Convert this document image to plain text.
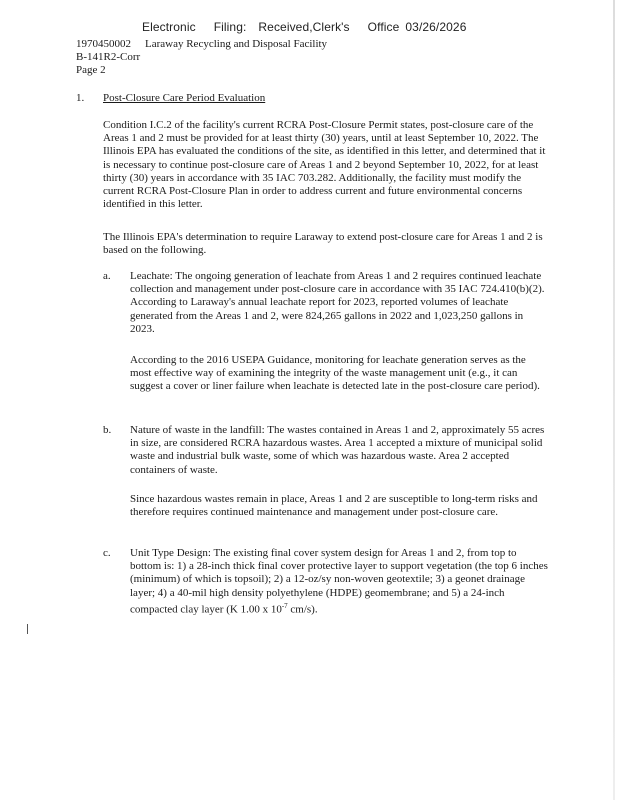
Electronic Filing: Received,Clerk's Office 03/26/2026
1970450002 Laraway Recycling and Disposal Facility
B-141R2-Corr
Page 2
1. Post-Closure Care Period Evaluation

Condition I.C.2 of the facility's current RCRA Post-Closure Permit states, post-closure care of the Areas 1 and 2 must be provided for at least thirty (30) years, until at least September 10, 2022. The Illinois EPA has evaluated the conditions of the site, as identified in this letter, and determined that it is necessary to continue post-closure care of Areas 1 and 2 beyond September 10, 2022, for at least thirty (30) years in accordance with 35 IAC 703.282. Additionally, the facility must modify the current RCRA Post-Closure Plan in order to address current and future environmental concerns identified in this letter.

The Illinois EPA's determination to require Laraway to extend post-closure care for Areas 1 and 2 is based on the following.

a.	Leachate: The ongoing generation of leachate from Areas 1 and 2 requires continued leachate collection and management under post-closure care in accordance with 35 IAC 724.410(b)(2). According to Laraway's annual leachate report for 2023, reported volumes of leachate generated from the Areas 1 and 2, were 824,265 gallons in 2022 and 1,023,250 gallons in 2023.

According to the 2016 USEPA Guidance, monitoring for leachate generation serves as the most effective way of examining the integrity of the waste management unit (e.g., it can suggest a cover or liner failure when leachate is detected late in the post-closure care period).

b.	Nature of waste in the landfill: The wastes contained in Areas 1 and 2, approximately 55 acres in size, are considered RCRA hazardous wastes. Area 1 accepted a mixture of municipal solid waste and industrial bulk waste, some of which was hazardous waste. Area 2 accepted containers of waste.

Since hazardous wastes remain in place, Areas 1 and 2 are susceptible to long-term risks and therefore requires continued maintenance and management under post-closure care.

c.	Unit Type Design: The existing final cover system design for Areas 1 and 2, from top to bottom is: 1) a 28-inch thick final cover protective layer to support vegetation (the top 6 inches (minimum) of which is topsoil); 2) a 12-oz/sy non-woven geotextile; 3) a geonet drainage layer; 4) a 40-mil high density polyethylene (HDPE) geomembrane; and 5) a 24-inch compacted clay layer (K 1.00 x $10^{-7}$ cm/s).
